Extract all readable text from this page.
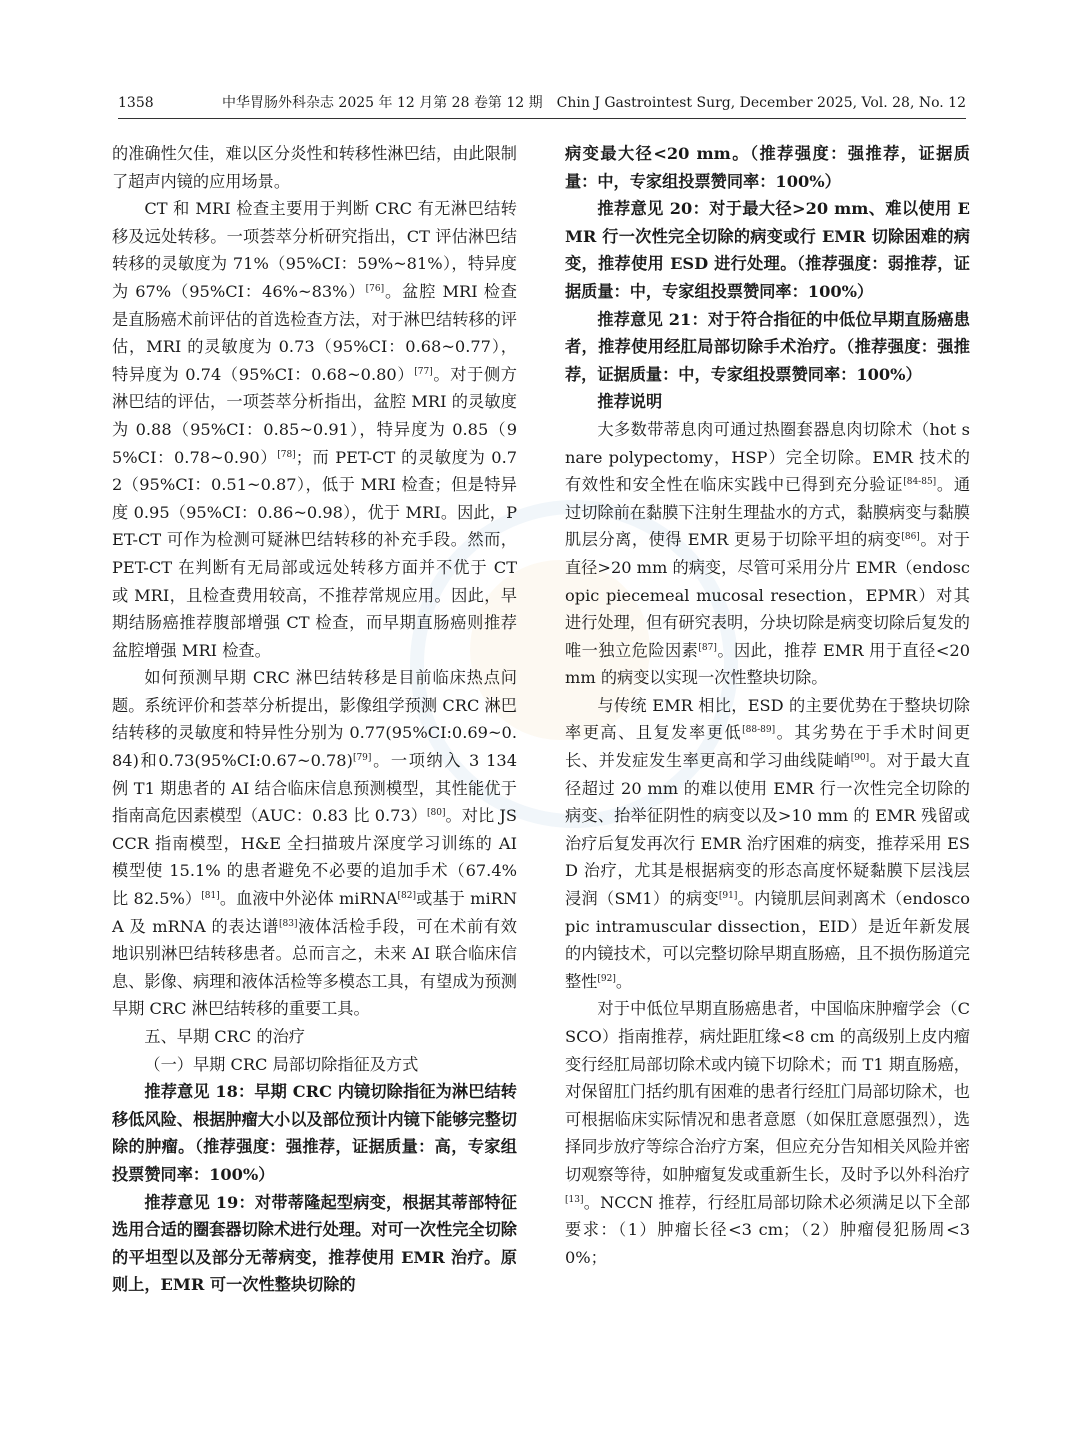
1358	中华胃肠外科杂志 2025 年 12 月第 28 卷第 12 期　Chin J Gastrointest Surg, December 2025, Vol. 28, No. 12

的准确性欠佳，难以区分炎性和转移性淋巴结，由此限制了超声内镜的应用场景。

CT 和 MRI 检查主要用于判断 CRC 有无淋巴结转移及远处转移。一项荟萃分析研究指出，CT 评估淋巴结转移的灵敏度为 71%（95%CI：59%~81%），特异度为 67%（95%CI：46%~83%）[76]。盆腔 MRI 检查是直肠癌术前评估的首选检查方法，对于淋巴结转移的评估，MRI 的灵敏度为 0.73（95%CI：0.68~0.77），特异度为 0.74（95%CI：0.68~0.80）[77]。对于侧方淋巴结的评估，一项荟萃分析指出，盆腔 MRI 的灵敏度为 0.88（95%CI：0.85~0.91），特异度为 0.85（95%CI：0.78~0.90）[78]；而 PET-CT 的灵敏度为 0.72（95%CI：0.51~0.87），低于 MRI 检查；但是特异度 0.95（95%CI：0.86~0.98），优于 MRI。因此，PET-CT 可作为检测可疑淋巴结转移的补充手段。然而，PET-CT 在判断有无局部或远处转移方面并不优于 CT 或 MRI，且检查费用较高，不推荐常规应用。因此，早期结肠癌推荐腹部增强 CT 检查，而早期直肠癌则推荐盆腔增强 MRI 检查。

如何预测早期 CRC 淋巴结转移是目前临床热点问题。系统评价和荟萃分析提出，影像组学预测 CRC 淋巴结转移的灵敏度和特异性分别为 0.77(95%CI:0.69~0.84)和0.73(95%CI:0.67~0.78)[79]。一项纳入 3 134 例 T1 期患者的 AI 结合临床信息预测模型，其性能优于指南高危因素模型（AUC：0.83 比 0.73）[80]。对比 JSCCR 指南模型，H&E 全扫描玻片深度学习训练的 AI 模型使 15.1% 的患者避免不必要的追加手术（67.4% 比 82.5%）[81]。血液中外泌体 miRNA[82]或基于 miRNA 及 mRNA 的表达谱[83]液体活检手段，可在术前有效地识别淋巴结转移患者。总而言之，未来 AI 联合临床信息、影像、病理和液体活检等多模态工具，有望成为预测早期 CRC 淋巴结转移的重要工具。

五、早期 CRC 的治疗

（一）早期 CRC 局部切除指征及方式

推荐意见 18：早期 CRC 内镜切除指征为淋巴结转移低风险、根据肿瘤大小以及部位预计内镜下能够完整切除的肿瘤。（推荐强度：强推荐，证据质量：高，专家组投票赞同率：100%）

推荐意见 19：对带蒂隆起型病变，根据其蒂部特征选用合适的圈套器切除术进行处理。对可一次性完全切除的平坦型以及部分无蒂病变，推荐使用 EMR 治疗。原则上，EMR 可一次性整块切除的

病变最大径<20 mm。（推荐强度：强推荐，证据质量：中，专家组投票赞同率：100%）

推荐意见 20：对于最大径>20 mm、难以使用 EMR 行一次性完全切除的病变或行 EMR 切除困难的病变，推荐使用 ESD 进行处理。（推荐强度：弱推荐，证据质量：中，专家组投票赞同率：100%）

推荐意见 21：对于符合指征的中低位早期直肠癌患者，推荐使用经肛局部切除手术治疗。（推荐强度：强推荐，证据质量：中，专家组投票赞同率：100%）

推荐说明

大多数带蒂息肉可通过热圈套器息肉切除术（hot snare polypectomy，HSP）完全切除。EMR 技术的有效性和安全性在临床实践中已得到充分验证[84-85]。通过切除前在黏膜下注射生理盐水的方式，黏膜病变与黏膜肌层分离，使得 EMR 更易于切除平坦的病变[86]。对于直径>20 mm 的病变，尽管可采用分片 EMR（endoscopic piecemeal mucosal resection，EPMR）对其进行处理，但有研究表明，分块切除是病变切除后复发的唯一独立危险因素[87]。因此，推荐 EMR 用于直径<20 mm 的病变以实现一次性整块切除。

与传统 EMR 相比，ESD 的主要优势在于整块切除率更高、且复发率更低[88-89]。其劣势在于手术时间更长、并发症发生率更高和学习曲线陡峭[90]。对于最大直径超过 20 mm 的难以使用 EMR 行一次性完全切除的病变、抬举征阴性的病变以及>10 mm 的 EMR 残留或治疗后复发再次行 EMR 治疗困难的病变，推荐采用 ESD 治疗，尤其是根据病变的形态高度怀疑黏膜下层浅层浸润（SM1）的病变[91]。内镜肌层间剥离术（endoscopic intramuscular dissection，EID）是近年新发展的内镜技术，可以完整切除早期直肠癌，且不损伤肠道完整性[92]。

对于中低位早期直肠癌患者，中国临床肿瘤学会（CSCO）指南推荐，病灶距肛缘<8 cm 的高级别上皮内瘤变行经肛局部切除术或内镜下切除术；而 T1 期直肠癌，对保留肛门括约肌有困难的患者行经肛门局部切除术，也可根据临床实际情况和患者意愿（如保肛意愿强烈），选择同步放疗等综合治疗方案，但应充分告知相关风险并密切观察等待，如肿瘤复发或重新生长，及时予以外科治疗[13]。NCCN 推荐，行经肛局部切除术必须满足以下全部要求：（1）肿瘤长径<3 cm；（2）肿瘤侵犯肠周<30%；
